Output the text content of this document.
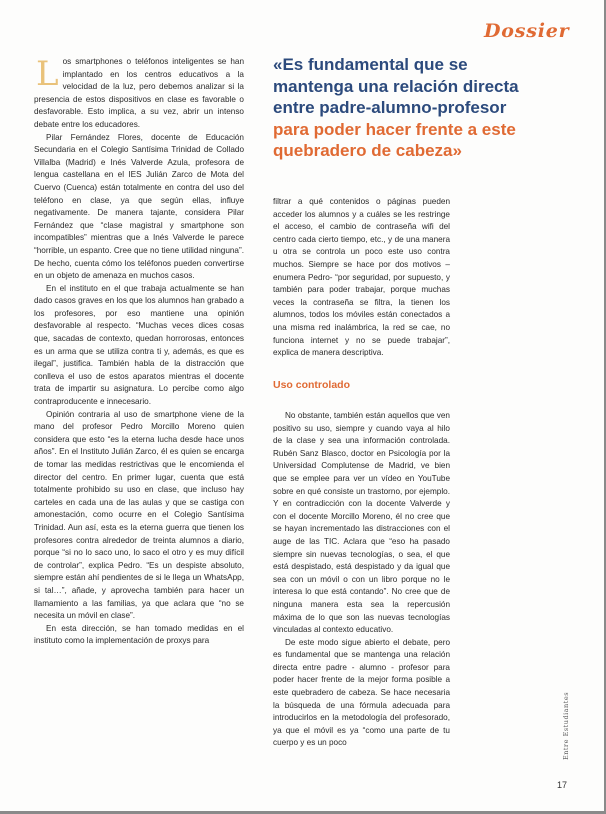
Dossier

Los smartphones o teléfonos inteligentes se han implantado en los centros educativos a la velocidad de la luz, pero debemos analizar si la presencia de estos dispositivos en clase es favorable o desfavorable. Esto implica, a su vez, abrir un intenso debate entre los educadores.

Pilar Fernández Flores, docente de Educación Secundaria en el Colegio Santísima Trinidad de Collado Villalba (Madrid) e Inés Valverde Azula, profesora de lengua castellana en el IES Julián Zarco de Mota del Cuervo (Cuenca) están totalmente en contra del uso del teléfono en clase, ya que según ellas, influye negativamente. De manera tajante, considera Pilar Fernández que “clase magistral y smartphone son incompatibles” mientras que a Inés Valverde le parece “horrible, un espanto. Cree que no tiene utilidad ninguna”. De hecho, cuenta cómo los teléfonos pueden convertirse en un objeto de amenaza en muchos casos.

En el instituto en el que trabaja actualmente se han dado casos graves en los que los alumnos han grabado a los profesores, por eso mantiene una opinión desfavorable al respecto. “Muchas veces dices cosas que, sacadas de contexto, quedan horrorosas, entonces es un arma que se utiliza contra ti y, además, es que es ilegal”, justifica. También habla de la distracción que conlleva el uso de estos aparatos mientras el docente trata de impartir su asignatura. Lo percibe como algo contraproducente e innecesario.

Opinión contraria al uso de smartphone viene de la mano del profesor Pedro Morcillo Moreno quien considera que esto “es la eterna lucha desde hace unos años”. En el Instituto Julián Zarco, él es quien se encarga de tomar las medidas restrictivas que le encomienda el director del centro. En primer lugar, cuenta que está totalmente prohibido su uso en clase, que incluso hay carteles en cada una de las aulas y que se castiga con amonestación, como ocurre en el Colegio Santísima Trinidad. Aun así, esta es la eterna guerra que tienen los profesores contra alrededor de treinta alumnos a diario, porque “si no lo saco uno, lo saco el otro y es muy difícil de controlar”, explica Pedro. “Es un despiste absoluto, siempre están ahí pendientes de si le llega un WhatsApp, si tal…”, añade, y aprovecha también para hacer un llamamiento a las familias, ya que aclara que “no se necesita un móvil en clase”.

En esta dirección, se han tomado medidas en el instituto como la implementación de proxys para

«Es fundamental que se mantenga una relación directa entre padre-alumno-profesor para poder hacer frente a este quebradero de cabeza»

filtrar a qué contenidos o páginas pueden acceder los alumnos y a cuáles se les restringe el acceso, el cambio de contraseña wifi del centro cada cierto tiempo, etc., y de una manera u otra se controla un poco este uso contra muchos. Siempre se hace por dos motivos –enumera Pedro- “por seguridad, por supuesto, y también para poder trabajar, porque muchas veces la contraseña se filtra, la tienen los alumnos, todos los móviles están conectados a una misma red inalámbrica, la red se cae, no funciona internet y no se puede trabajar”, explica de manera descriptiva.

Uso controlado

No obstante, también están aquellos que ven positivo su uso, siempre y cuando vaya al hilo de la clase y sea una información controlada. Rubén Sanz Blasco, doctor en Psicología por la Universidad Complutense de Madrid, ve bien que se emplee para ver un vídeo en YouTube sobre en qué consiste un trastorno, por ejemplo. Y en contradicción con la docente Valverde y con el docente Morcillo Moreno, él no cree que se hayan incrementado las distracciones con el auge de las TIC. Aclara que “eso ha pasado siempre sin nuevas tecnologías, o sea, el que está despistado, está despistado y da igual que sea con un móvil o con un libro porque no le interesa lo que está contando”. No cree que de ninguna manera esta sea la repercusión máxima de lo que son las nuevas tecnologías vinculadas al contexto educativo.

De este modo sigue abierto el debate, pero es fundamental que se mantenga una relación directa entre padre - alumno - profesor para poder hacer frente de la mejor forma posible a este quebradero de cabeza. Se hace necesaria la búsqueda de una fórmula adecuada para introducirlos en la metodología del profesorado, ya que el móvil es ya “como una parte de tu cuerpo y es un poco	Entre Estudiantes
17
